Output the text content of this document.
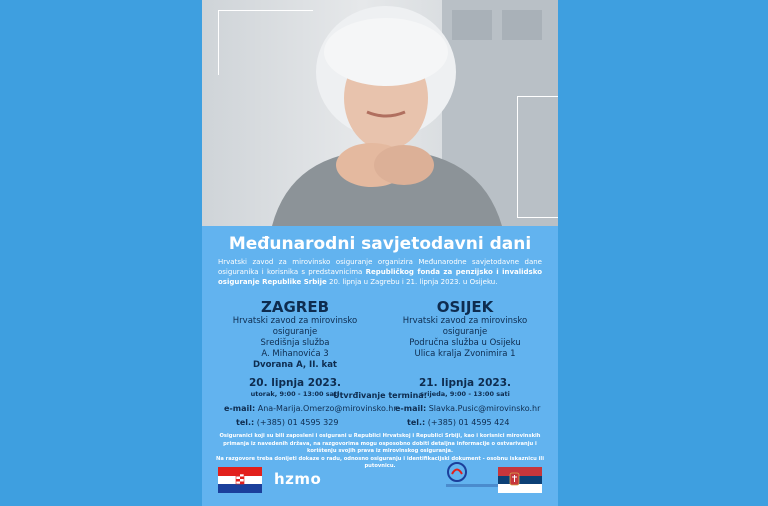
Međunarodni savjetodavni dani
Hrvatski zavod za mirovinsko osiguranje organizira Međunarodne savjetodavne dane osiguranika i korisnika s predstavnicima Republičkog fonda za penzijsko i invalidsko osiguranje Republike Srbije 20. lipnja u Zagrebu i 21. lipnja 2023. u Osijeku.
ZAGREB
Hrvatski zavod za mirovinsko osiguranje
Središnja služba
A. Mihanovića 3
Dvorana A, II. kat
20. lipnja 2023.
utorak, 9:00 - 13:00 sati
OSIJEK
Hrvatski zavod za mirovinsko osiguranje
Područna služba u Osijeku
Ulica kralja Zvonimira 1
21. lipnja 2023.
srijeda, 9:00 - 13:00 sati
Utvrđivanje termina:
e-mail: Ana-Marija.Omerzo@mirovinsko.hr
tel.: (+385) 01 4595 329
e-mail: Slavka.Pusic@mirovinsko.hr
tel.: (+385) 01 4595 424
Osiguranici koji su bili zaposleni i osigurani u Republici Hrvatskoj i Republici Srbiji, kao i korisnici mirovinskih primanja iz navedenih država, na razgovorima mogu osposobno dobiti detaljna informacije o ostvarivanju i korištenju svojih prava iz mirovinskog osiguranja.
Na razgovore treba donijeti dokaze o radu, odnosno osiguranju i identifikacijski dokument - osobnu iskaznicu ili putovnicu.
hzmo
